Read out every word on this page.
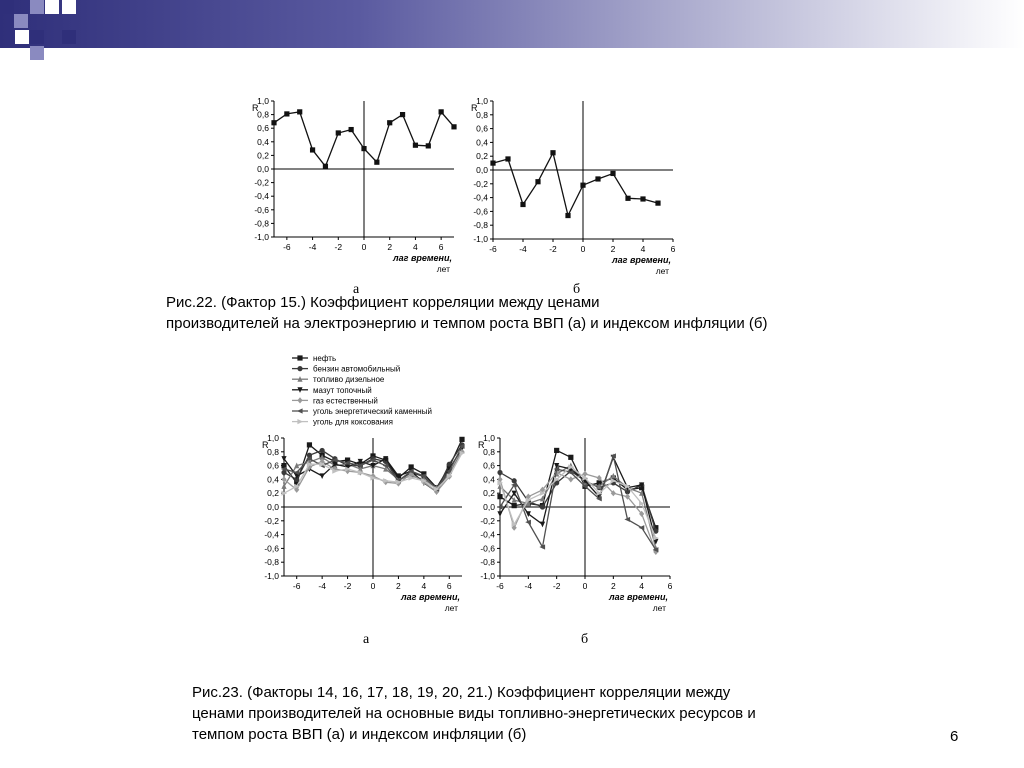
1,0
0,8
0,6
0,4
0,2
0,0
-0,2
-0,4
-0,6
-0,8
-1,0
-6 -4 -2 0 2 4 6
R
лаг времени,
лет
1,0
0,8
0,6
0,4
0,2
0,0
-0,2
-0,4
-0,6
-0,8
-1,0
-6	-4	-2	0	2	4	6
R
лаг времени,
лет
а	б
Рис.22. (Фактор 15.) Коэффициент корреляции между ценами
производителей на электроэнергию и темпом роста ВВП (а) и индексом инфляции (б)
нефть
бензин автомобильный
топливо дизельное
мазут топочный
газ естественный
уголь энергетический каменный
уголь для коксования
1,0
0,8
0,6
0,4
0,2
0,0
-0,2
-0,4
-0,6
-0,8
-1,0
-6 -4 -2 0 2 4 6
R
лаг времени,
лет
1,0
0,8
0,6
0,4
0,2
0,0
-0,2
-0,4
-0,6
-0,8
-1,0
-6 -4 -2	0	2	4	6
R
лаг времени,
лет
а	б
Рис.23. (Факторы 14, 16, 17, 18, 19, 20, 21.) Коэффициент корреляции между
ценами производителей на основные виды топливно-энергетических ресурсов и
темпом роста ВВП (а) и индексом инфляции (б)	6
